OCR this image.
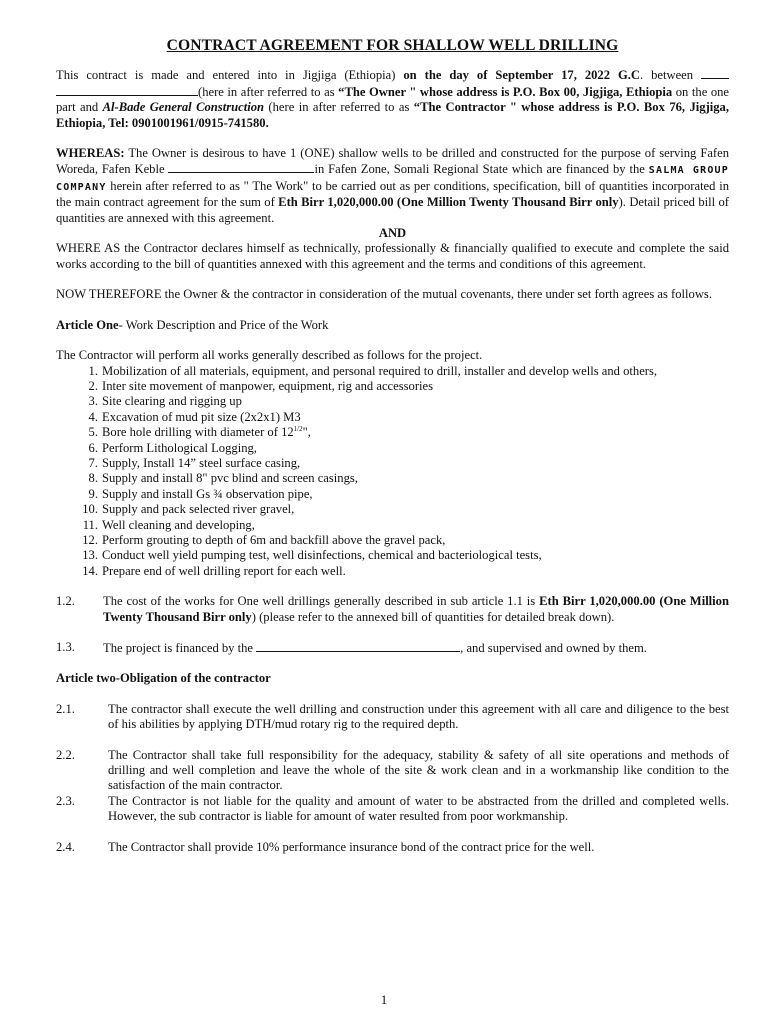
CONTRACT AGREEMENT FOR SHALLOW WELL DRILLING

This contract is made and entered into in Jigjiga (Ethiopia) on the day of September 17, 2022 G.C. between  (here in after referred to as “The Owner " whose address is P.O. Box 00, Jigjiga, Ethiopia on the one part and Al-Bade General Construction (here in after referred to as “The Contractor " whose address is P.O. Box 76, Jigjiga, Ethiopia, Tel: 0901001961/0915-741580.

WHEREAS: The Owner is desirous to have 1 (ONE) shallow wells to be drilled and constructed for the purpose of serving Fafen Woreda, Fafen Keble	in Fafen Zone, Somali Regional State which are financed by the SALMA GROUP COMPANY herein after referred to as " The Work" to be carried out as per conditions, specification, bill of quantities incorporated in the main contract agreement for the sum of Eth Birr 1,020,000.00 (One Million Twenty Thousand Birr only). Detail priced bill of quantities are annexed with this agreement.

AND

WHERE AS the Contractor declares himself as technically, professionally & financially qualified to execute and complete the said works according to the bill of quantities annexed with this agreement and the terms and conditions of this agreement.

NOW THEREFORE the Owner & the contractor in consideration of the mutual covenants, there under set forth agrees as follows.

Article One- Work Description and Price of the Work

The Contractor will perform all works generally described as follows for the project.

1. Mobilization of all materials, equipment, and personal required to drill, installer and develop wells and others,
2. Inter site movement of manpower, equipment, rig and accessories
3. Site clearing and rigging up
4. Excavation of mud pit size (2x2x1) M3
5. Bore hole drilling with diameter of $12^{1/2}$",
6. Perform Lithological Logging,
7. Supply, Install 14” steel surface casing,
8. Supply and install 8" pvc blind and screen casings,
9. Supply and install Gs ¾ observation pipe,
10. Supply and pack selected river gravel,
11. Well cleaning and developing,
12. Perform grouting to depth of 6m and backfill above the gravel pack,
13. Conduct well yield pumping test, well disinfections, chemical and bacteriological tests,
14. Prepare end of well drilling report for each well.
1.2.	The cost of the works for One well drillings generally described in sub article 1.1 is Eth Birr 1,020,000.00 (One Million Twenty Thousand Birr only) (please refer to the annexed bill of quantities for detailed break down).
1.3.	The project is financed by the	, and supervised and owned by them.

Article two-Obligation of the contractor

2.1.	The contractor shall execute the well drilling and construction under this agreement with all care and diligence to the best of his abilities by applying DTH/mud rotary rig to the required depth.
2.2.	The Contractor shall take full responsibility for the adequacy, stability & safety of all site operations and methods of drilling and well completion and leave the whole of the site & work clean and in a workmanship like condition to the satisfaction of the main contractor.
2.3.	The Contractor is not liable for the quality and amount of water to be abstracted from the drilled and completed wells. However, the sub contractor is liable for amount of water resulted from poor workmanship.
2.4.	The Contractor shall provide 10% performance insurance bond of the contract price for the well.
1
